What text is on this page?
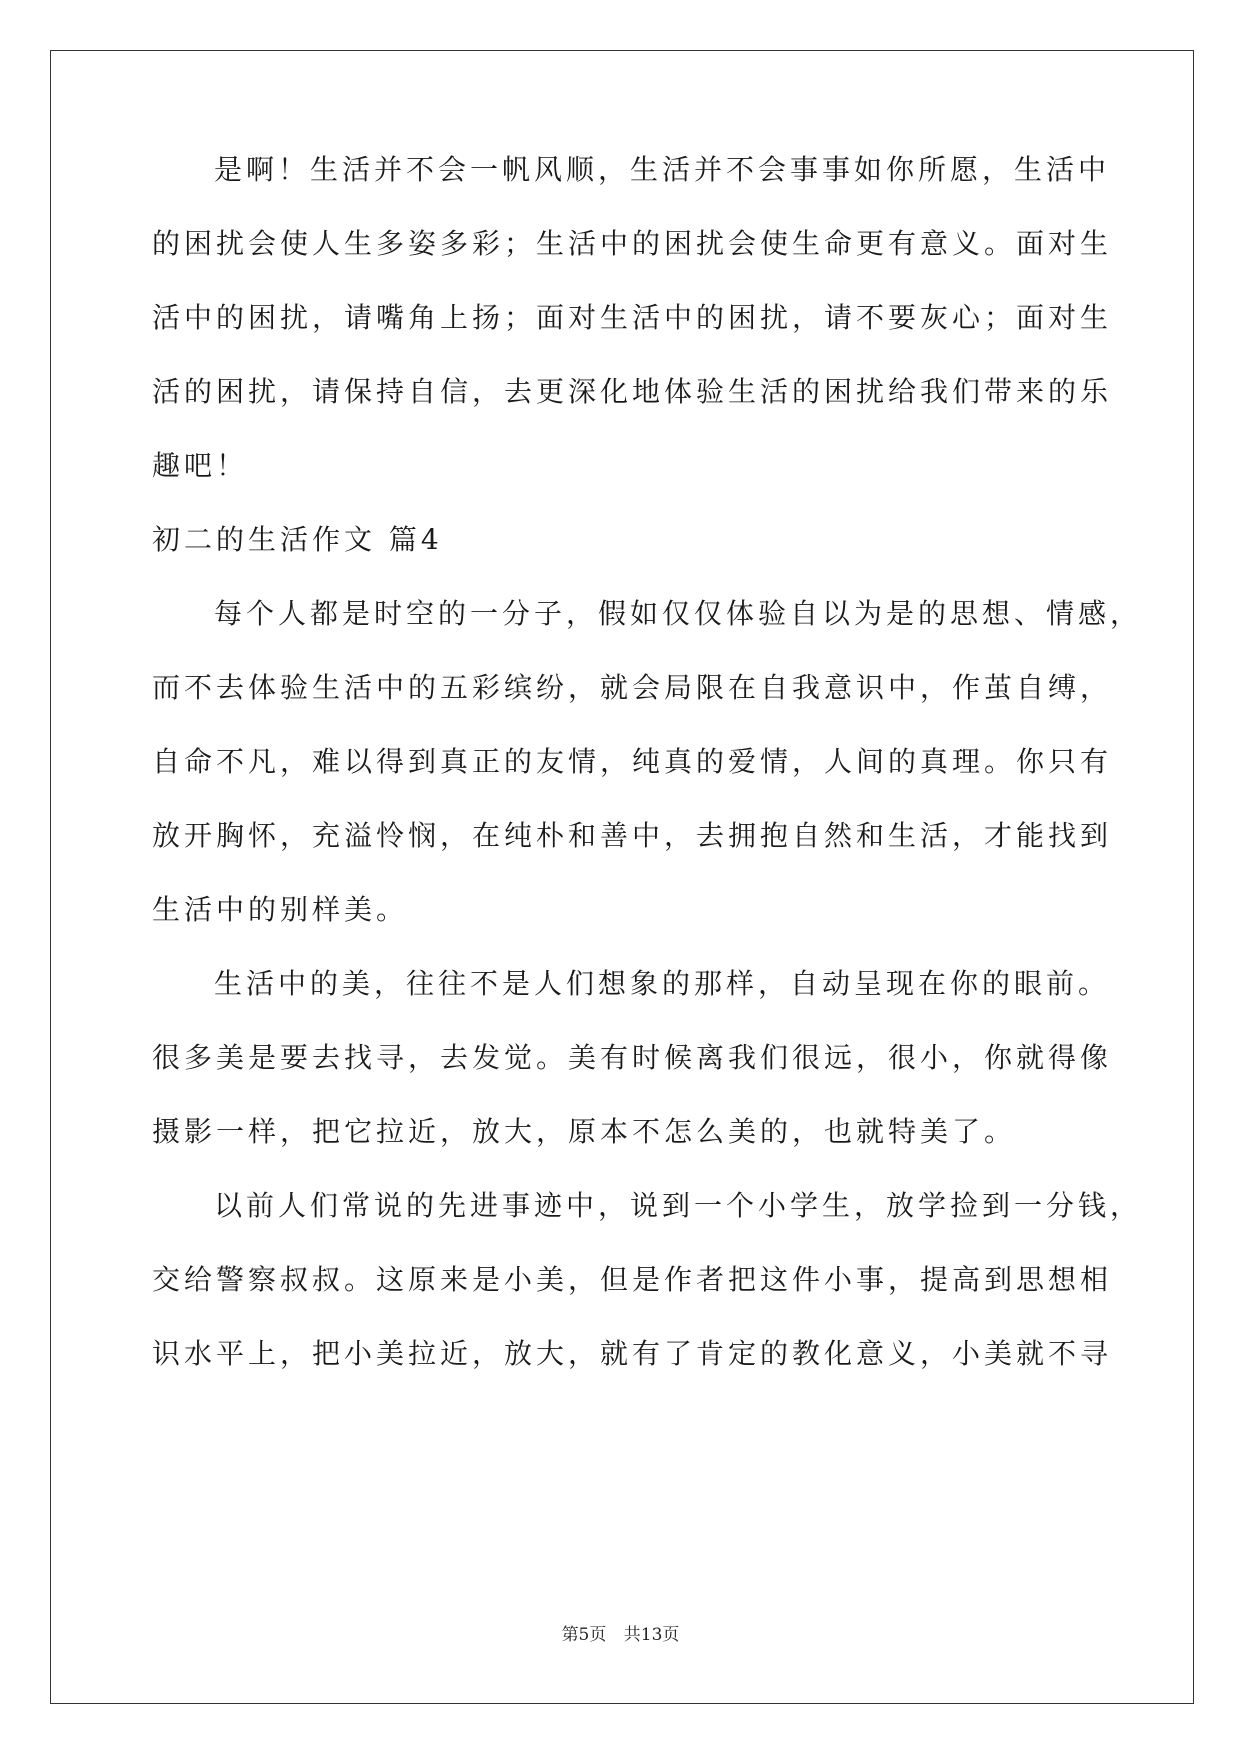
是啊！生活并不会一帆风顺，生活并不会事事如你所愿，生活中
的困扰会使人生多姿多彩；生活中的困扰会使生命更有意义。面对生
活中的困扰，请嘴角上扬；面对生活中的困扰，请不要灰心；面对生
活的困扰，请保持自信，去更深化地体验生活的困扰给我们带来的乐
趣吧！
初二的生活作文 篇4
每个人都是时空的一分子，假如仅仅体验自以为是的思想、情感，
而不去体验生活中的五彩缤纷，就会局限在自我意识中，作茧自缚，
自命不凡，难以得到真正的友情，纯真的爱情，人间的真理。你只有
放开胸怀，充溢怜悯，在纯朴和善中，去拥抱自然和生活，才能找到
生活中的别样美。
生活中的美，往往不是人们想象的那样，自动呈现在你的眼前。
很多美是要去找寻，去发觉。美有时候离我们很远，很小，你就得像
摄影一样，把它拉近，放大，原本不怎么美的，也就特美了。
以前人们常说的先进事迹中，说到一个小学生，放学捡到一分钱，
交给警察叔叔。这原来是小美，但是作者把这件小事，提高到思想相
识水平上，把小美拉近，放大，就有了肯定的教化意义，小美就不寻
第5页 共13页
